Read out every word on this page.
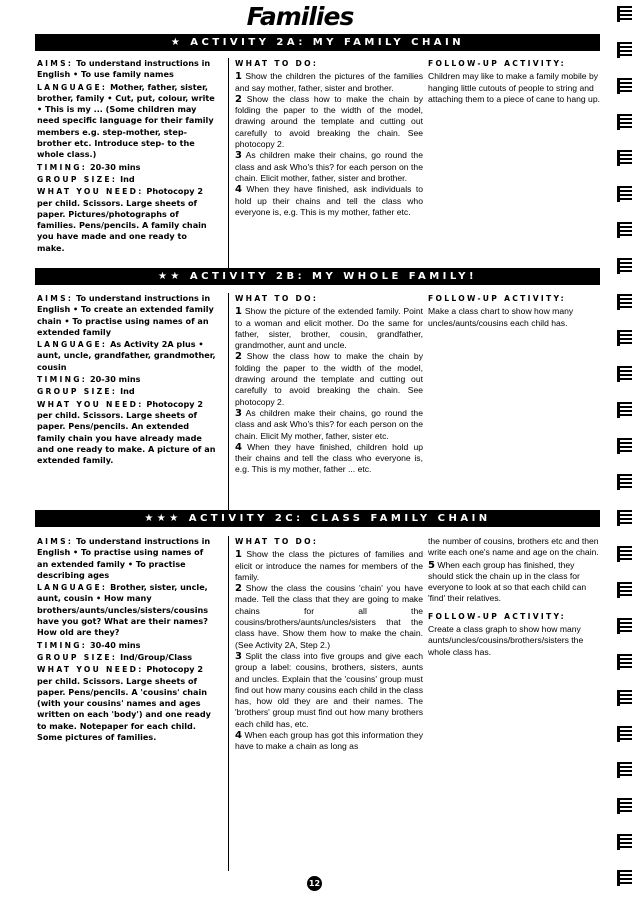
Families
★ ACTIVITY 2A: MY FAMILY CHAIN

AIMS: To understand instructions in English • To use family names

LANGUAGE: Mother, father, sister, brother, family • Cut, put, colour, write • This is my ... (Some children may need specific language for their family members e.g. step-mother, step-brother etc. Introduce step- to the whole class.)

TIMING: 20-30 mins

GROUP SIZE: Ind

WHAT YOU NEED: Photocopy 2 per child. Scissors. Large sheets of paper. Pictures/photographs of families. Pens/pencils. A family chain you have made and one ready to make.

WHAT TO DO:

1 Show the children the pictures of the families and say mother, father, sister and brother.

2 Show the class how to make the chain by folding the paper to the width of the model, drawing around the template and cutting out carefully to avoid breaking the chain. See photocopy 2.

3 As children make their chains, go round the class and ask Who's this? for each person on the chain. Elicit mother, father, sister and brother.

4 When they have finished, ask individuals to hold up their chains and tell the class who everyone is, e.g. This is my mother, father etc.

FOLLOW-UP ACTIVITY:

Children may like to make a family mobile by hanging little cutouts of people to string and attaching them to a piece of cane to hang up.

★★ ACTIVITY 2B: MY WHOLE FAMILY!

AIMS: To understand instructions in English • To create an extended family chain • To practise using names of an extended family

LANGUAGE: As Activity 2A plus • aunt, uncle, grandfather, grandmother, cousin

TIMING: 20-30 mins

GROUP SIZE: Ind

WHAT YOU NEED: Photocopy 2 per child. Scissors. Large sheets of paper. Pens/pencils. An extended family chain you have already made and one ready to make. A picture of an extended family.

WHAT TO DO:

1 Show the picture of the extended family. Point to a woman and elicit mother. Do the same for father, sister, brother, cousin, grandfather, grandmother, aunt and uncle.

2 Show the class how to make the chain by folding the paper to the width of the model, drawing around the template and cutting out carefully to avoid breaking the chain. See photocopy 2.

3 As children make their chains, go round the class and ask Who's this? for each person on the chain. Elicit My mother, father, sister etc.

4 When they have finished, children hold up their chains and tell the class who everyone is, e.g. This is my mother, father ... etc.

FOLLOW-UP ACTIVITY:

Make a class chart to show how many uncles/aunts/cousins each child has.

★★★ ACTIVITY 2C: CLASS FAMILY CHAIN

AIMS: To understand instructions in English • To practise using names of an extended family • To practise describing ages

LANGUAGE: Brother, sister, uncle, aunt, cousin • How many brothers/aunts/uncles/sisters/cousins have you got? What are their names? How old are they?

TIMING: 30-40 mins

GROUP SIZE: Ind/Group/Class

WHAT YOU NEED: Photocopy 2 per child. Scissors. Large sheets of paper. Pens/pencils. A 'cousins' chain (with your cousins' names and ages written on each 'body') and one ready to make. Notepaper for each child. Some pictures of families.

WHAT TO DO:

1 Show the class the pictures of families and elicit or introduce the names for members of the family.

2 Show the class the cousins 'chain' you have made. Tell the class that they are going to make chains for all the cousins/brothers/aunts/uncles/sisters that the class have. Show them how to make the chain. (See Activity 2A, Step 2.)

3 Split the class into five groups and give each group a label: cousins, brothers, sisters, aunts and uncles. Explain that the 'cousins' group must find out how many cousins each child in the class has, how old they are and their names. The 'brothers' group must find out how many brothers each child has, etc.

4 When each group has got this information they have to make a chain as long as

the number of cousins, brothers etc and then write each one's name and age on the chain.

5 When each group has finished, they should stick the chain up in the class for everyone to look at so that each child can 'find' their relatives.

FOLLOW-UP ACTIVITY:

Create a class graph to show how many aunts/uncles/cousins/brothers/sisters the whole class has.

12
